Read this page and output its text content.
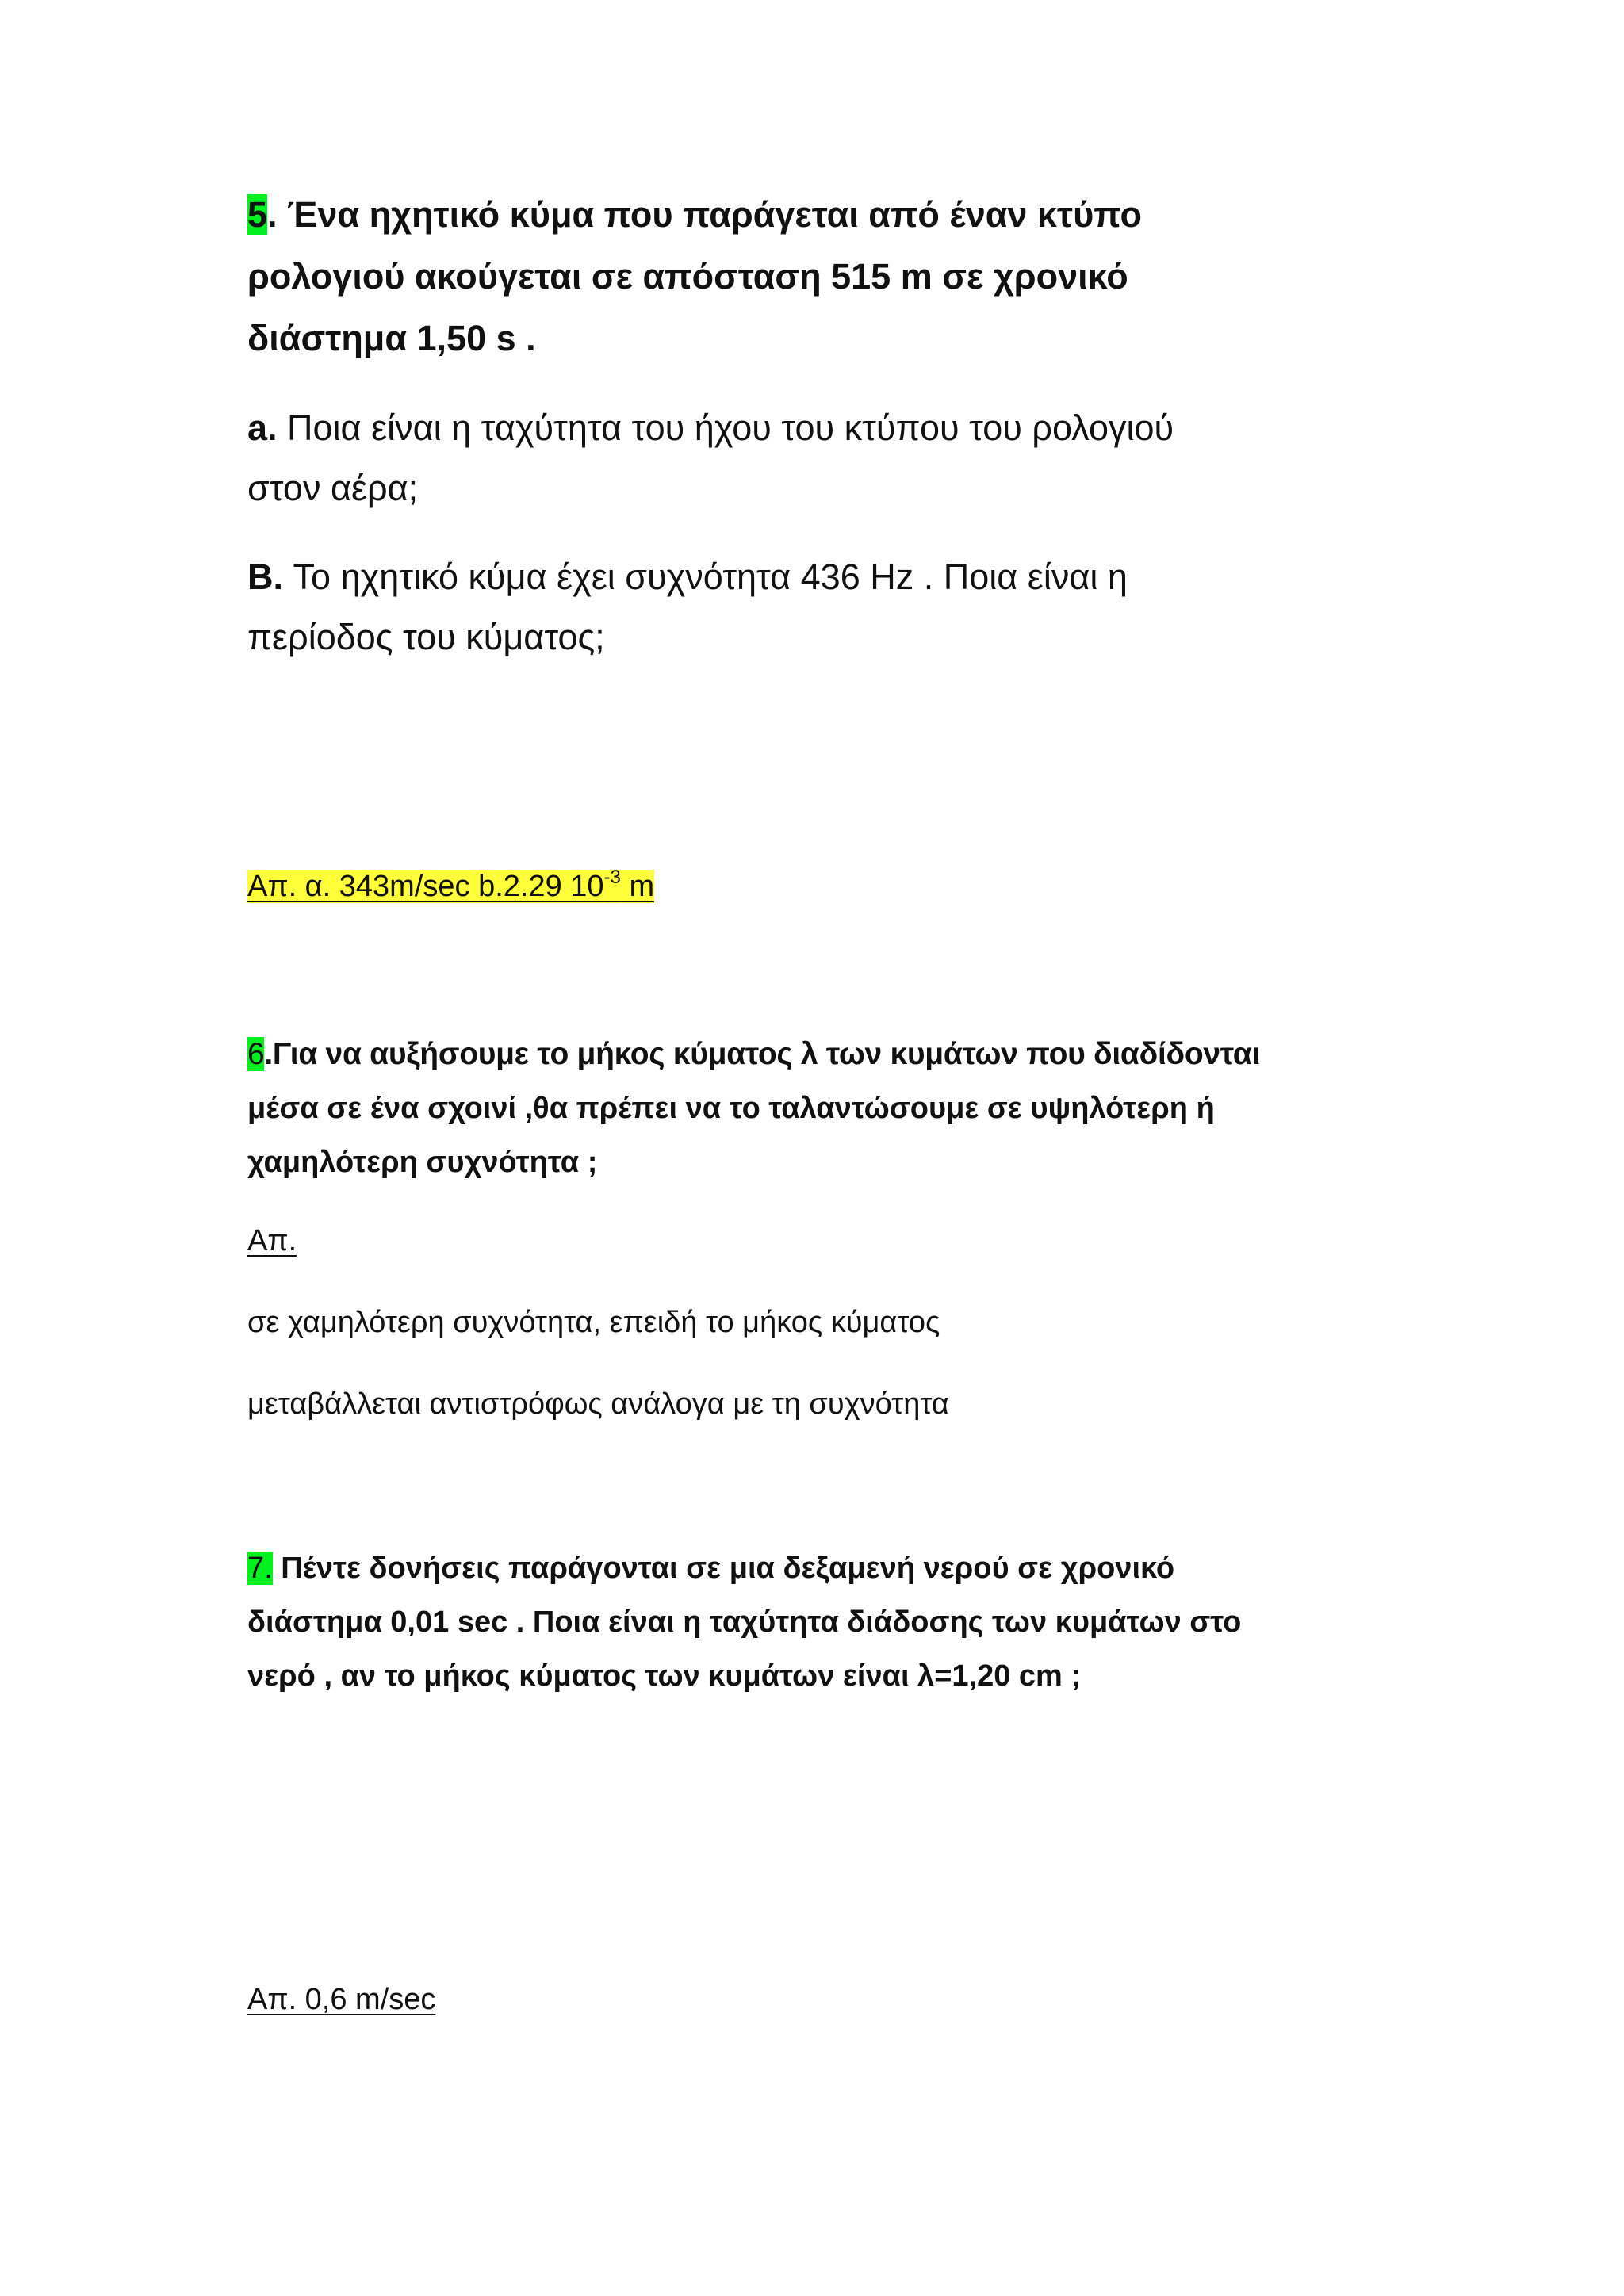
5. Ένα ηχητικό κύμα που παράγεται από έναν κτύπο
ρολογιού ακούγεται σε απόσταση 515 m σε χρονικό
διάστημα 1,50 s .
a. Ποια είναι η ταχύτητα του ήχου του κτύπου του ρολογιού
στον αέρα;
B. Το ηχητικό κύμα έχει συχνότητα 436 Hz . Ποια είναι η
περίοδος του κύματος;
Απ. α. 343m/sec b.2.29 $10^{-3}$ m
6.Για να αυξήσουμε το μήκος κύματος λ των κυμάτων που διαδίδονται
μέσα σε ένα σχοινί ,θα πρέπει να το ταλαντώσουμε σε υψηλότερη ή
χαμηλότερη συχνότητα ;
Απ.
σε χαμηλότερη συχνότητα, επειδή το μήκος κύματος
μεταβάλλεται αντιστρόφως ανάλογα με τη συχνότητα
7. Πέντε δονήσεις παράγονται σε μια δεξαμενή νερού σε χρονικό
διάστημα 0,01 sec . Ποια είναι η ταχύτητα διάδοσης των κυμάτων στο
νερό , αν το μήκος κύματος των κυμάτων είναι λ=1,20 cm ;
Απ. 0,6 m/sec
